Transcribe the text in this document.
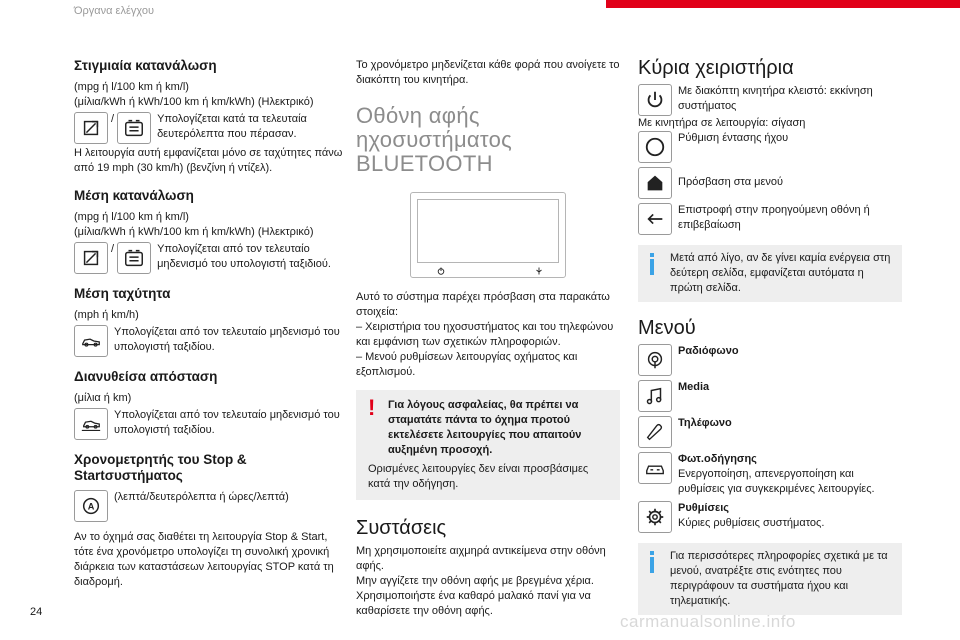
Όργανα ελέγχου
Στιγμιαία κατανάλωση
(mpg ή l/100 km ή km/l)
(μίλια/kWh ή kWh/100 km ή km/kWh) (Ηλεκτρικό)
/	Υπολογίζεται κατά τα τελευταία δευτερόλεπτα που πέρασαν.
Η λειτουργία αυτή εμφανίζεται μόνο σε ταχύτητες πάνω από 19 mph (30 km/h) (βενζίνη ή ντίζελ).
Μέση κατανάλωση
(mpg ή l/100 km ή km/l)
(μίλια/kWh ή kWh/100 km ή km/kWh) (Ηλεκτρικό)
/	Υπολογίζεται από τον τελευταίο μηδενισμό του υπολογιστή ταξιδιού.
Μέση ταχύτητα
(mph ή km/h)
Υπολογίζεται από τον τελευταίο μηδενισμό του υπολογιστή ταξιδίου.
Διανυθείσα απόσταση
(μίλια ή km)
Υπολογίζεται από τον τελευταίο μηδενισμό του υπολογιστή ταξιδίου.
Χρονομετρητής του Stop &
Startσυστήματος
A
(λεπτά/δευτερόλεπτα ή ώρες/λεπτά)
Αν το όχημά σας διαθέτει τη λειτουργία Stop & Start, τότε ένα χρονόμετρο υπολογίζει τη συνολική χρονική διάρκεια των καταστάσεων λειτουργίας STOP κατά τη διαδρομή.
Το χρονόμετρο μηδενίζεται κάθε φορά που ανοίγετε το διακόπτη του κινητήρα.
Οθόνη αφής ηχοσυστήματος
BLUETOOTH
Αυτό το σύστημα παρέχει πρόσβαση στα παρακάτω στοιχεία:
– Χειριστήρια του ηχοσυστήματος και του τηλεφώνου και εμφάνιση των σχετικών πληροφοριών.
– Μενού ρυθμίσεων λειτουργίας οχήματος και εξοπλισμού.
!	Για λόγους ασφαλείας, θα πρέπει να σταματάτε πάντα το όχημα προτού εκτελέσετε λειτουργίες που απαιτούν αυξημένη προσοχή.
Ορισμένες λειτουργίες δεν είναι προσβάσιμες κατά την οδήγηση.
Συστάσεις
Μη χρησιμοποιείτε αιχμηρά αντικείμενα στην οθόνη αφής.
Μην αγγίζετε την οθόνη αφής με βρεγμένα χέρια.
Χρησιμοποιήστε ένα καθαρό μαλακό πανί για να καθαρίσετε την οθόνη αφής.
Κύρια χειριστήρια
Με διακόπτη κινητήρα κλειστό: εκκίνηση συστήματος
Με κινητήρα σε λειτουργία: σίγαση
Ρύθμιση έντασης ήχου
Πρόσβαση στα μενού
Επιστροφή στην προηγούμενη οθόνη ή επιβεβαίωση
Μετά από λίγο, αν δε γίνει καμία ενέργεια στη δεύτερη σελίδα, εμφανίζεται αυτόματα η πρώτη σελίδα.
Μενού
Ραδιόφωνο
Media
Τηλέφωνο
Φωτ.οδήγησης
Ενεργοποίηση, απενεργοποίηση και ρυθμίσεις για συγκεκριμένες λειτουργίες.
Ρυθμίσεις
Κύριες ρυθμίσεις συστήματος.
Για περισσότερες πληροφορίες σχετικά με τα μενού, ανατρέξτε στις ενότητες που περιγράφουν τα συστήματα ήχου και τηλεματικής.
24	carmanualsonline.info
